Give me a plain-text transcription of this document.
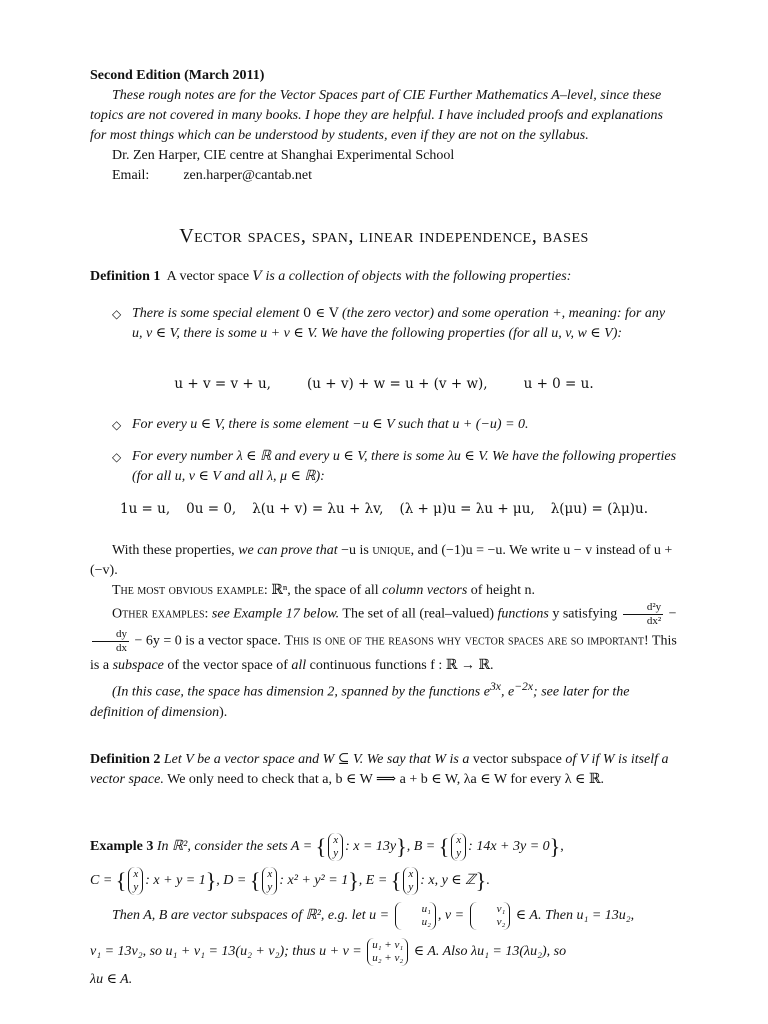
Second Edition (March 2011)

These rough notes are for the Vector Spaces part of CIE Further Mathematics A–level, since these topics are not covered in many books. I hope they are helpful. I have included proofs and explanations for most things which can be understood by students, even if they are not on the syllabus.

Dr. Zen Harper, CIE centre at Shanghai Experimental School

Email: zen.harper@cantab.net

Vector spaces, span, linear independence, bases
Definition 1 A vector space V is a collection of objects with the following properties:
◇ There is some special element 0 ∈ V (the zero vector) and some operation +, meaning: for any u, v ∈ V, there is some u + v ∈ V. We have the following properties (for all u, v, w ∈ V):

u + v = v + u,	(u + v) + w = u + (v + w),	u + 0 = u.
◇ For every u ∈ V, there is some element −u ∈ V such that u + (−u) = 0.

◇ For every number λ ∈ ℝ and every u ∈ V, there is some λu ∈ V. We have the following properties (for all u, v ∈ V and all λ, μ ∈ ℝ):

1u = u, 0u = 0, λ(u + v) = λu + λv, (λ + μ)u = λu + μu, λ(μu) = (λμ)u.

With these properties, we can prove that −u is unique, and (−1)u = −u. We write u − v instead of u + (−v).

The most obvious example: ℝⁿ, the space of all column vectors of height n.

Other examples: see Example 17 below. The set of all (real–valued) functions y satisfying $\frac{\text{d²y}}{\text{dx²}}$ −
$\frac{dy}{dx} - 6y = 0$ is a vector space. This is one of the reasons why vector spaces are so important! This is a subspace of the vector space of all continuous functions f : ℝ → ℝ.

(In this case, the space has dimension 2, spanned by the functions $e^{3x}$, $e^{-2x}$; see later for the definition of dimension).

Definition 2 Let V be a vector space and W ⊆ V. We say that W is a vector subspace of V if W is itself a vector space. We only need to check that a, b ∈ W ⟹ a + b ∈ W, λa ∈ W for every λ ∈ ℝ.

Example 3 In ℝ², consider the sets A = { x
y : x = 13y}, B = { x
y : 14x + 3y = 0},

C = { x
y : x + y = 1}, D = { x
y : x² + y² = 1}, E = { x
y : x, y ∈ ℤ}.

Then A, B are vector subspaces of ℝ², e.g. let u =	u₁
u₂ , v =	v₁
v₂ ∈ A. Then u₁ = 13u₂,

v₁ = 13v₂, so u₁ + v₁ = 13(u₂ + v₂); thus u + v = u₁ + v₁
u₂ + v₂ ∈ A. Also λu₁ = 13(λu₂), so

λu ∈ A.
